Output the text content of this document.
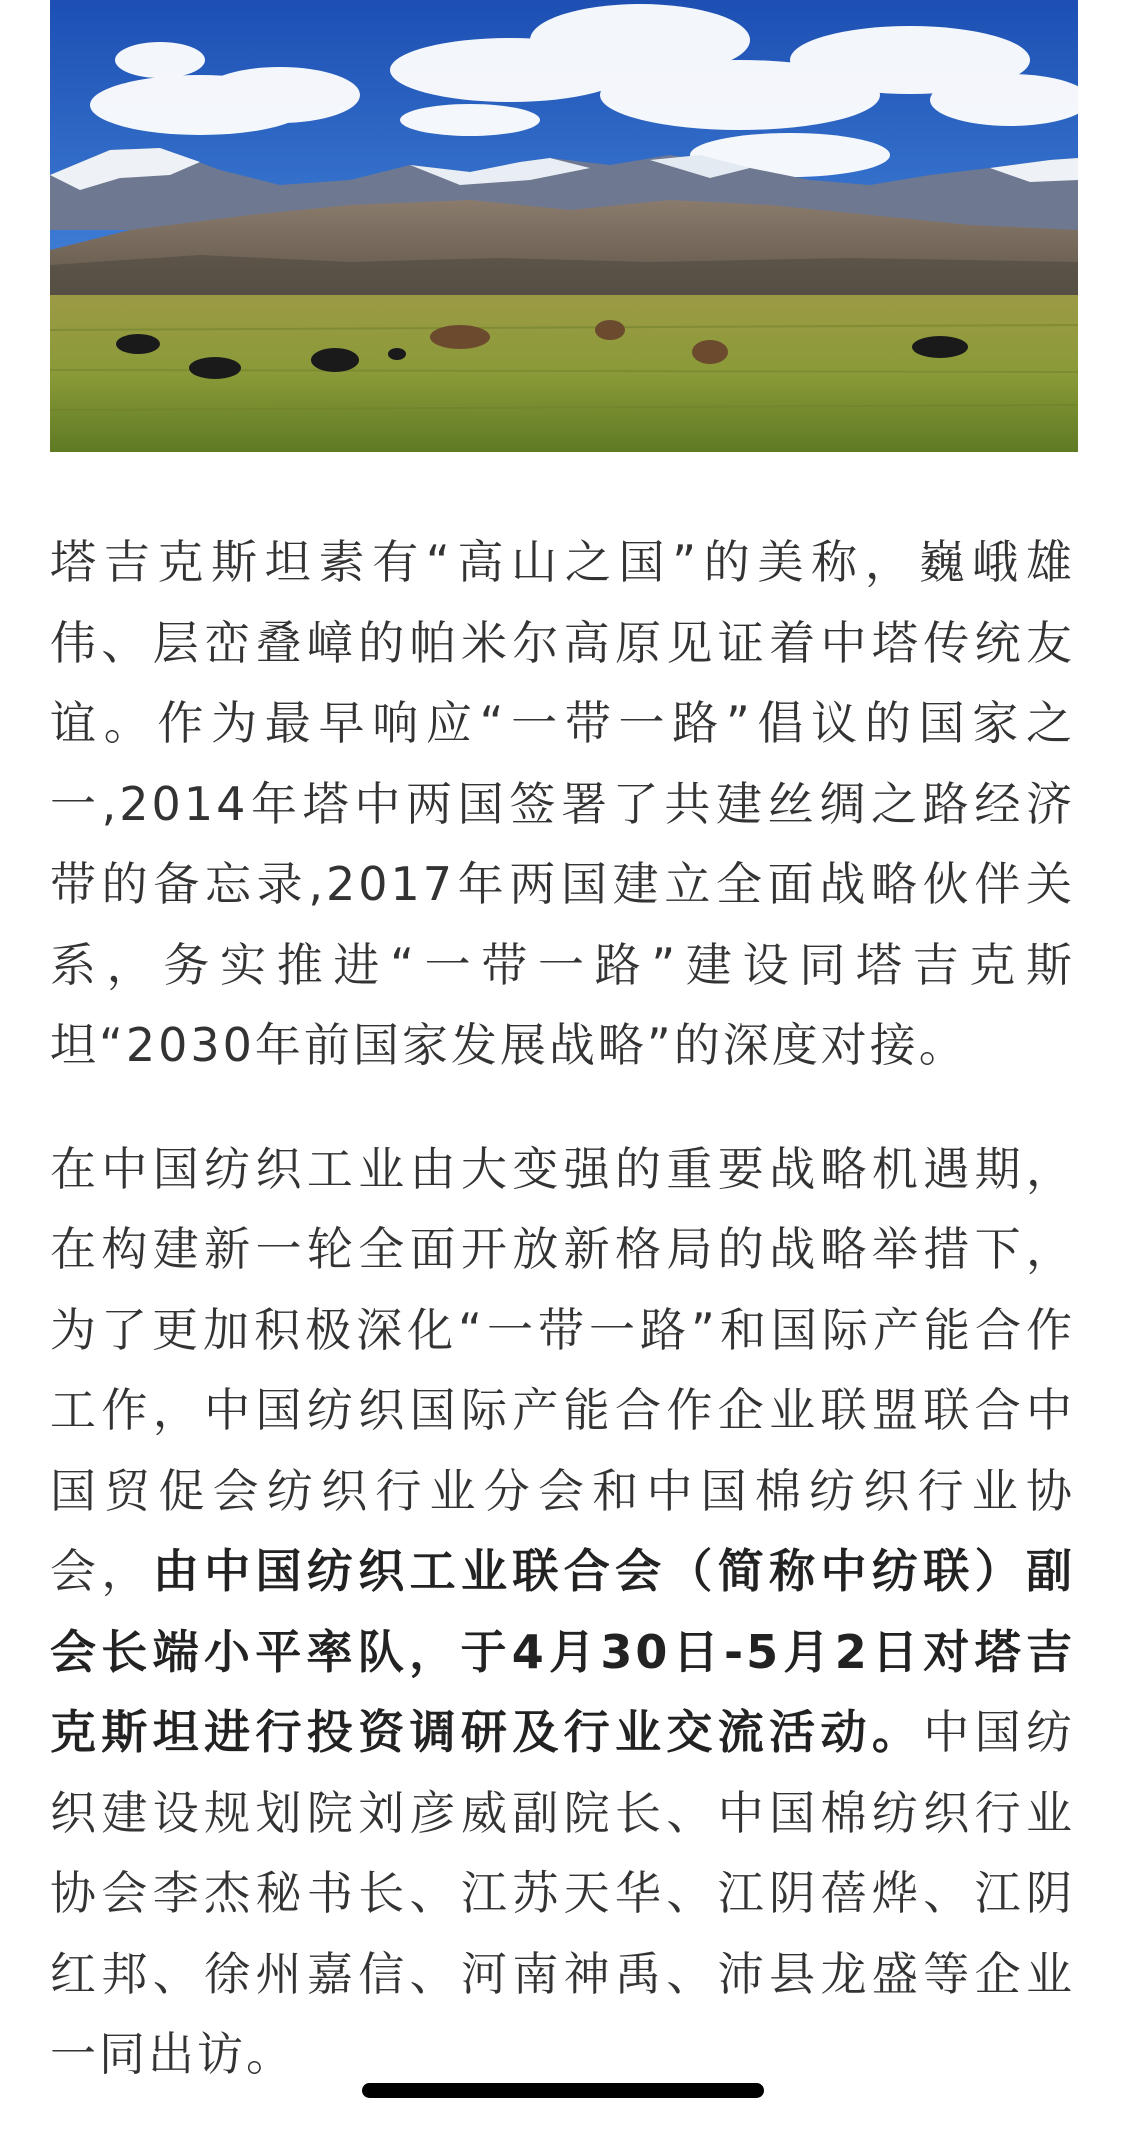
塔吉克斯坦素有“高山之国”的美称，巍峨雄伟、层峦叠嶂的帕米尔高原见证着中塔传统友谊。作为最早响应“一带一路”倡议的国家之一,2014年塔中两国签署了共建丝绸之路经济带的备忘录,2017年两国建立全面战略伙伴关系，务实推进“一带一路”建设同塔吉克斯坦“2030年前国家发展战略”的深度对接。

在中国纺织工业由大变强的重要战略机遇期，在构建新一轮全面开放新格局的战略举措下，为了更加积极深化“一带一路”和国际产能合作工作，中国纺织国际产能合作企业联盟联合中国贸促会纺织行业分会和中国棉纺织行业协会，由中国纺织工业联合会（简称中纺联）副会长端小平率队，于4月30日-5月2日对塔吉克斯坦进行投资调研及行业交流活动。中国纺织建设规划院刘彦威副院长、中国棉纺织行业协会李杰秘书长、江苏天华、江阴蓓烨、江阴红邦、徐州嘉信、河南神禹、沛县龙盛等企业一同出访。
